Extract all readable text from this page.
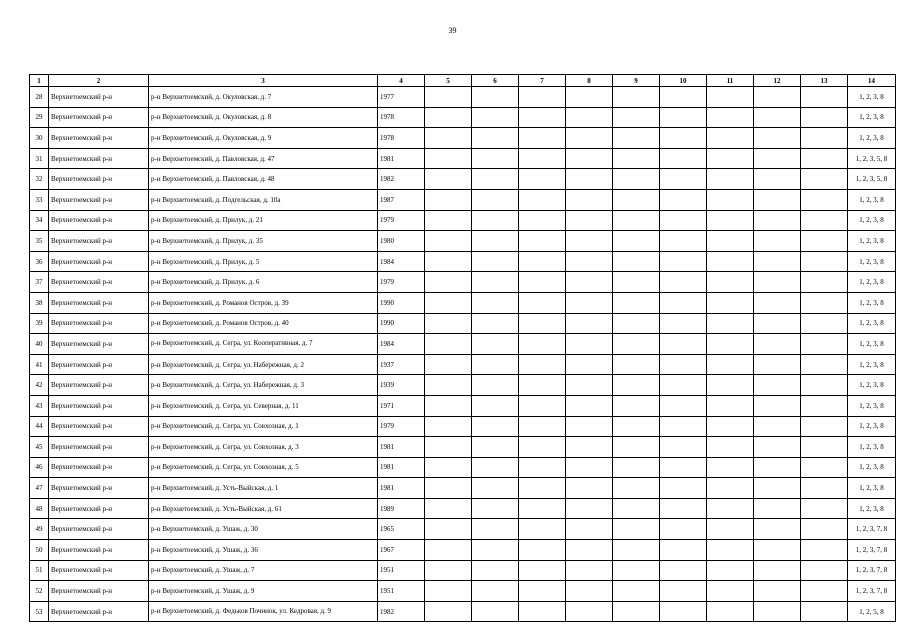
39
1	2	3	4	5	6	7	8	9	10	11	12	13	14
28	Верхнетоемский р-н	р-н Верхнетоемский, д. Окуловская, д. 7	1977										1, 2, 3, 8
29	Верхнетоемский р-н	р-н Верхнетоемский, д. Окуловская, д. 8	1978										1, 2, 3, 8
30	Верхнетоемский р-н	р-н Верхнетоемский, д. Окуловская, д. 9	1978										1, 2, 3, 8
31	Верхнетоемский р-н	р-н Верхнетоемский, д. Павловская, д. 47	1981										1, 2, 3, 5, 8
32	Верхнетоемский р-н	р-н Верхнетоемский, д. Павловская, д. 48	1982										1, 2, 3, 5, 8
33	Верхнетоемский р-н	р-н Верхнетоемский, д. Подгельская, д. 10а	1987										1, 2, 3, 8
34	Верхнетоемский р-н	р-н Верхнетоемский, д. Прилук, д. 21	1979										1, 2, 3, 8
35	Верхнетоемский р-н	р-н Верхнетоемский, д. Прилук, д. 35	1980										1, 2, 3, 8
36	Верхнетоемский р-н	р-н Верхнетоемский, д. Прилук, д. 5	1984										1, 2, 3, 8
37	Верхнетоемский р-н	р-н Верхнетоемский, д. Прилук, д. 6	1979										1, 2, 3, 8
38	Верхнетоемский р-н	р-н Верхнетоемский, д. Романов Остров, д. 39	1990										1, 2, 3, 8
39	Верхнетоемский р-н	р-н Верхнетоемский, д. Романов Остров, д. 40	1990										1, 2, 3, 8
40	Верхнетоемский р-н	р-н Верхнетоемский, д. Сегра, ул. Кооперативная, д. 7	1984										1, 2, 3, 8
41	Верхнетоемский р-н	р-н Верхнетоемский, д. Сегра, ул. Набережная, д. 2	1937										1, 2, 3, 8
42	Верхнетоемский р-н	р-н Верхнетоемский, д. Сегра, ул. Набережная, д. 3	1939										1, 2, 3, 8
43	Верхнетоемский р-н	р-н Верхнетоемский, д. Сегра, ул. Северная, д. 11	1971										1, 2, 3, 8
44	Верхнетоемский р-н	р-н Верхнетоемский, д. Сегра, ул. Совхозная, д. 1	1979										1, 2, 3, 8
45	Верхнетоемский р-н	р-н Верхнетоемский, д. Сегра, ул. Совхозная, д. 3	1981										1, 2, 3, 8
46	Верхнетоемский р-н	р-н Верхнетоемский, д. Сегра, ул. Совхозная, д. 5	1981										1, 2, 3, 8
47	Верхнетоемский р-н	р-н Верхнетоемский, д. Усть-Выйская, д. 1	1981										1, 2, 3, 8
48	Верхнетоемский р-н	р-н Верхнетоемский, д. Усть-Выйская, д. 61	1989										1, 2, 3, 8
49	Верхнетоемский р-н	р-н Верхнетоемский, д. Ушаж, д. 30	1965										1, 2, 3, 7, 8
50	Верхнетоемский р-н	р-н Верхнетоемский, д. Ушаж, д. 36	1967										1, 2, 3, 7, 8
51	Верхнетоемский р-н	р-н Верхнетоемский, д. Ушаж, д. 7	1951										1, 2, 3, 7, 8
52	Верхнетоемский р-н	р-н Верхнетоемский, д. Ушаж, д. 9	1951										1, 2, 3, 7, 8
53	Верхнетоемский р-н	р-н Верхнетоемский, д. Федьков Починок, ул. Кедровая, д. 9	1982										1, 2, 5, 8
